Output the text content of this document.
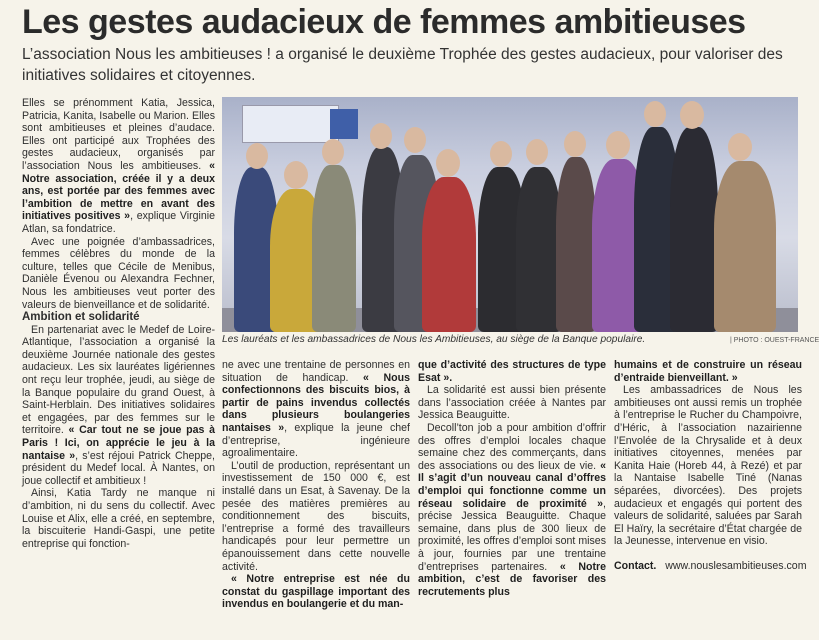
Les gestes audacieux de femmes ambitieuses
L’association Nous les ambitieuses ! a organisé le deuxième Trophée des gestes audacieux, pour valoriser des initiatives solidaires et citoyennes.

Elles se prénomment Katia, Jessica, Patricia, Kanita, Isabelle ou Marion. Elles sont ambitieuses et pleines d’audace. Elles ont participé aux Trophées des gestes audacieux, organisés par l’association Nous les ambitieuses. « Notre association, créée il y a deux ans, est portée par des femmes avec l’ambition de mettre en avant des initiatives positives », explique Virginie Atlan, sa fondatrice.

Avec une poignée d’ambassadrices, femmes célèbres du monde de la culture, telles que Cécile de Menibus, Danièle Évenou ou Alexandra Fechner, Nous les ambitieuses veut porter des valeurs de bienveillance et de solidarité.

Ambition et solidarité

En partenariat avec le Medef de Loire-Atlantique, l’association a organisé la deuxième Journée nationale des gestes audacieux. Les six lauréates ligériennes ont reçu leur trophée, jeudi, au siège de la Banque populaire du grand Ouest, à Saint-Herblain. Des initiatives solidaires et engagées, par des femmes sur le territoire. « Car tout ne se joue pas à Paris ! Ici, on apprécie le jeu à la nantaise », s’est réjoui Patrick Cheppe, président du Medef local. À Nantes, on joue collectif et ambitieux !

Ainsi, Katia Tardy ne manque ni d’ambition, ni du sens du collectif. Avec Louise et Alix, elle a créé, en septembre, la biscuiterie Handi-Gaspi, une petite entreprise qui fonction-

Les lauréats et les ambassadrices de Nous les Ambitieuses, au siège de la Banque populaire.	| PHOTO : OUEST-FRANCE

ne avec une trentaine de personnes en situation de handicap. « Nous confectionnons des biscuits bios, à partir de pains invendus collectés dans plusieurs boulangeries nantaises », explique la jeune chef d’entreprise, ingénieure agroalimentaire.

L’outil de production, représentant un investissement de 150 000 €, est installé dans un Esat, à Savenay. De la pesée des matières premières au conditionnement des biscuits, l’entreprise a formé des travailleurs handicapés pour leur permettre un épanouissement dans cette nouvelle activité.

« Notre entreprise est née du constat du gaspillage important des invendus en boulangerie et du man-

que d’activité des structures de type Esat ».

La solidarité est aussi bien présente dans l’association créée à Nantes par Jessica Beauguitte.

Decoll’ton job a pour ambition d’offrir des offres d’emploi locales chaque semaine chez des commerçants, dans des associations ou des lieux de vie. « Il s’agit d’un nouveau canal d’offres d’emploi qui fonctionne comme un réseau solidaire de proximité », précise Jessica Beauguitte. Chaque semaine, dans plus de 300 lieux de proximité, les offres d’emploi sont mises à jour, fournies par une trentaine d’entreprises partenaires. « Notre ambition, c’est de favoriser des recrutements plus

humains et de construire un réseau d’entraide bienveillant. »

Les ambassadrices de Nous les ambitieuses ont aussi remis un trophée à l’entreprise le Rucher du Champoivre, d’Héric, à l’association nazairienne l’Envolée de la Chrysalide et à deux initiatives citoyennes, menées par Kanita Haie (Horeb 44, à Rezé) et par la Nantaise Isabelle Tiné (Nanas séparées, divorcées). Des projets audacieux et engagés qui portent des valeurs de solidarité, saluées par Sarah El Haïry, la secrétaire d’État chargée de la Jeunesse, intervenue en visio.

Contact. www.nouslesambitieuses.com
